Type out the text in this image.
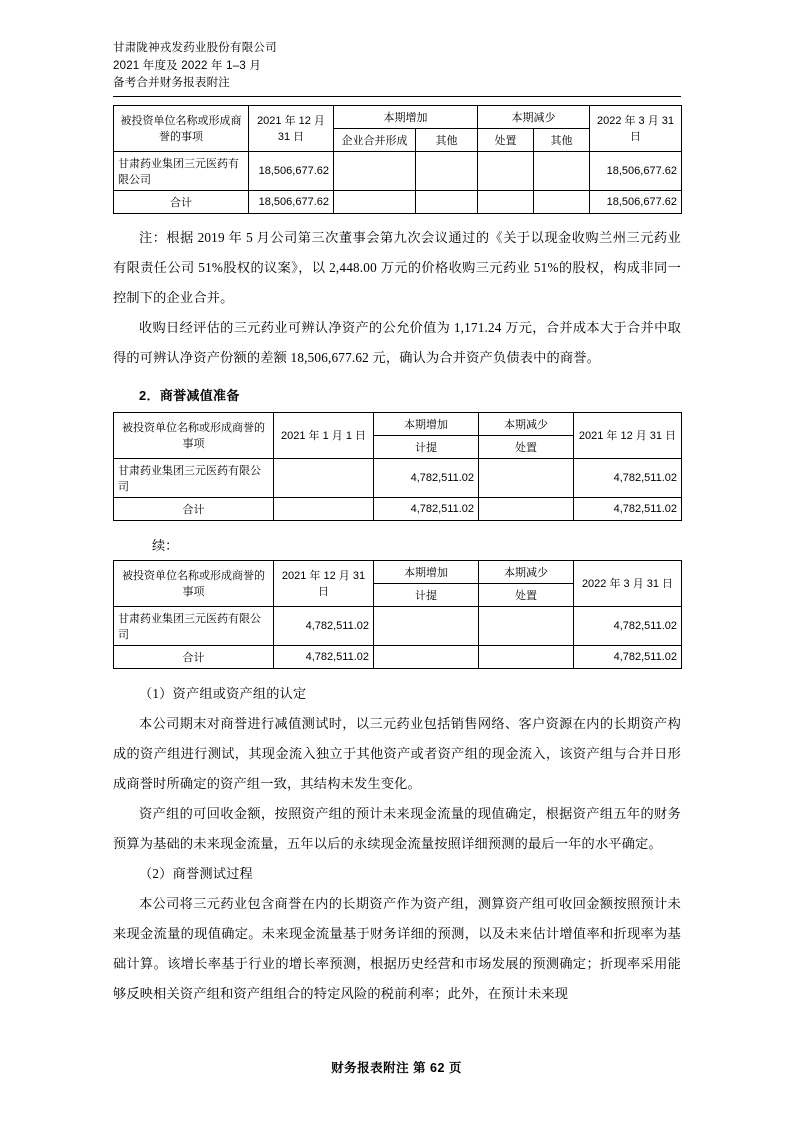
甘肃陇神戎发药业股份有限公司
2021 年度及 2022 年 1–3 月
备考合并财务报表附注
被投资单位名称或形成商誉的事项	2021 年 12 月 31 日	本期增加		本期减少		2022 年 3 月 31 日
		企业合并形成	其他	处置	其他	
甘肃药业集团三元医药有限公司	18,506,677.62					18,506,677.62
合计	18,506,677.62					18,506,677.62

注：根据 2019 年 5 月公司第三次董事会第九次会议通过的《关于以现金收购兰州三元药业有限责任公司 51%股权的议案》，以 2,448.00 万元的价格收购三元药业 51%的股权，构成非同一控制下的企业合并。

收购日经评估的三元药业可辨认净资产的公允价值为 1,171.24 万元，合并成本大于合并中取得的可辨认净资产份额的差额 18,506,677.62 元，确认为合并资产负债表中的商誉。

2．商誉减值准备
被投资单位名称或形成商誉的事项	2021 年 1 月 1 日	本期增加	本期减少	2021 年 12 月 31 日
		计提	处置	
甘肃药业集团三元医药有限公司		4,782,511.02		4,782,511.02
合计		4,782,511.02		4,782,511.02
续：
被投资单位名称或形成商誉的事项	2021 年 12 月 31 日	本期增加	本期减少	2022 年 3 月 31 日
		计提	处置	
甘肃药业集团三元医药有限公司	4,782,511.02			4,782,511.02
合计	4,782,511.02			4,782,511.02

（1）资产组或资产组的认定

本公司期末对商誉进行减值测试时，以三元药业包括销售网络、客户资源在内的长期资产构成的资产组进行测试，其现金流入独立于其他资产或者资产组的现金流入，该资产组与合并日形成商誉时所确定的资产组一致，其结构未发生变化。

资产组的可回收金额，按照资产组的预计未来现金流量的现值确定，根据资产组五年的财务预算为基础的未来现金流量，五年以后的永续现金流量按照详细预测的最后一年的水平确定。

（2）商誉测试过程

本公司将三元药业包含商誉在内的长期资产作为资产组，测算资产组可收回金额按照预计未来现金流量的现值确定。未来现金流量基于财务详细的预测，以及未来估计增值率和折现率为基础计算。该增长率基于行业的增长率预测，根据历史经营和市场发展的预测确定；折现率采用能够反映相关资产组和资产组组合的特定风险的税前利率；此外，在预计未来现

财务报表附注 第 62 页
